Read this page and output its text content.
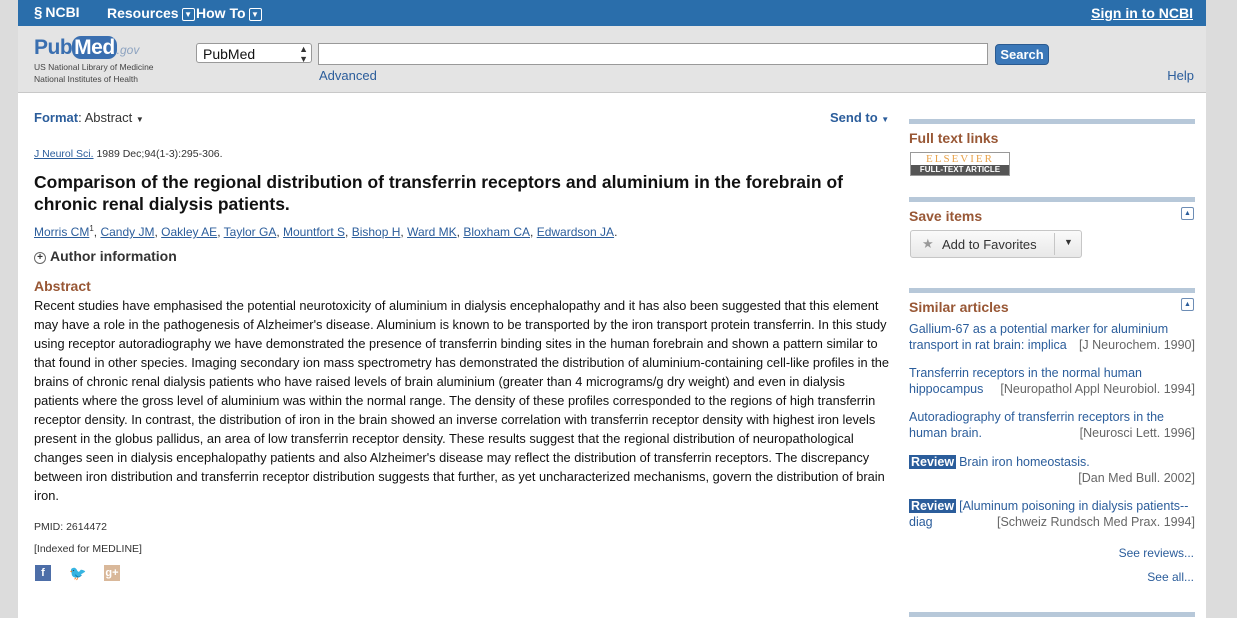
§ NCBI Resources ▼ How To ▼	Sign in to NCBI
PubMed .gov
US National Library of Medicine
National Institutes of Health
PubMed	▲
▼	Search
Advanced	Help
Format: Abstract ▼	Send to ▼
J Neurol Sci. 1989 Dec;94(1-3):295-306.
Comparison of the regional distribution of transferrin receptors and aluminium in the forebrain of chronic renal dialysis patients.
Morris $CM^1$, Candy JM, Oakley AE, Taylor GA, Mountfort S, Bishop H, Ward MK, Bloxham CA, Edwardson JA.
+ Author information
Abstract
Recent studies have emphasised the potential neurotoxicity of aluminium in dialysis encephalopathy and it has also been suggested that this element may have a role in the pathogenesis of Alzheimer's disease. Aluminium is known to be transported by the iron transport protein transferrin. In this study using receptor autoradiography we have demonstrated the presence of transferrin binding sites in the human forebrain and shown a pattern similar to that found in other species. Imaging secondary ion mass spectrometry has demonstrated the distribution of aluminium-containing cell-like profiles in the brains of chronic renal dialysis patients who have raised levels of brain aluminium (greater than 4 micrograms/g dry weight) and even in dialysis patients where the gross level of aluminium was within the normal range. The density of these profiles corresponded to the regions of high transferrin receptor density. In contrast, the distribution of iron in the brain showed an inverse correlation with transferrin receptor density with highest iron levels present in the globus pallidus, an area of low transferrin receptor density. These results suggest that the regional distribution of neuropathological changes seen in dialysis encephalopathy patients and also Alzheimer's disease may reflect the distribution of transferrin receptors. The discrepancy between iron distribution and transferrin receptor distribution suggests that further, as yet uncharacterized mechanisms, govern the distribution of brain iron.
PMID: 2614472
[Indexed for MEDLINE]
f	🐦 g+
Full text links
ELSEVIER
FULL-TEXT ARTICLE
Save items	▲
★ Add to Favorites	▼
Similar articles	▲
Gallium-67 as a potential marker for aluminium transport in rat brain: implica [J Neurochem. 1990]
Transferrin receptors in the normal human hippocampus [Neuropathol Appl Neurobiol. 1994]
Autoradiography of transferrin receptors in the human brain.	[Neurosci Lett. 1996]
Review Brain iron homeostasis.

[Dan Med Bull. 2002]
Review [Aluminum poisoning in dialysis patients--diag	[Schweiz Rundsch Med Prax. 1994]
See reviews...
See all...
